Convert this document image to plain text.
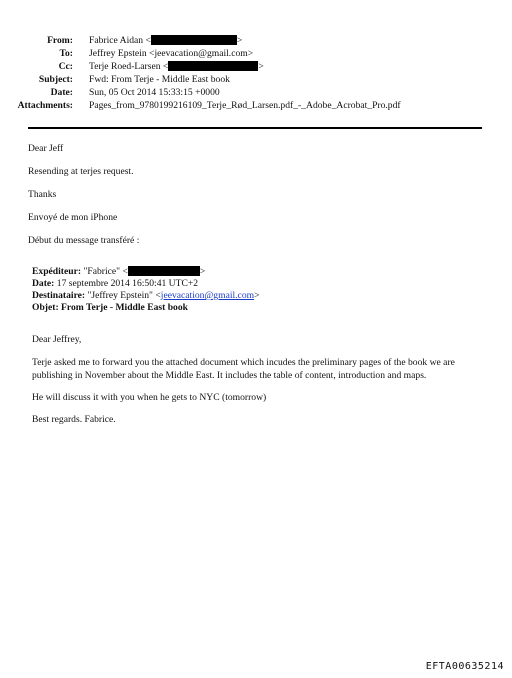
From: Fabrice Aidan <	>
To: Jeffrey Epstein <jeevacation@gmail.com>
Cc: Terje Roed-Larsen <	>
Subject: Fwd: From Terje - Middle East book
Date: Sun, 05 Oct 2014 15:33:15 +0000
Attachments: Pages_from_9780199216109_Terje_Rød_Larsen.pdf_-_Adobe_Acrobat_Pro.pdf
Dear Jeff
Resending at terjes request.
Thanks
Envoyé de mon iPhone
Début du message transféré :
Expéditeur: "Fabrice" <	>
Date: 17 septembre 2014 16:50:41 UTC+2
Destinataire: "Jeffrey Epstein" <jeevacation@gmail.com>
Objet: From Terje - Middle East book
Dear Jeffrey,
Terje asked me to forward you the attached document which incudes the preliminary pages of the book we are publishing in November about the Middle East. It includes the table of content, introduction and maps.
He will discuss it with you when he gets to NYC (tomorrow)
Best regards. Fabrice.
EFTA00635214
